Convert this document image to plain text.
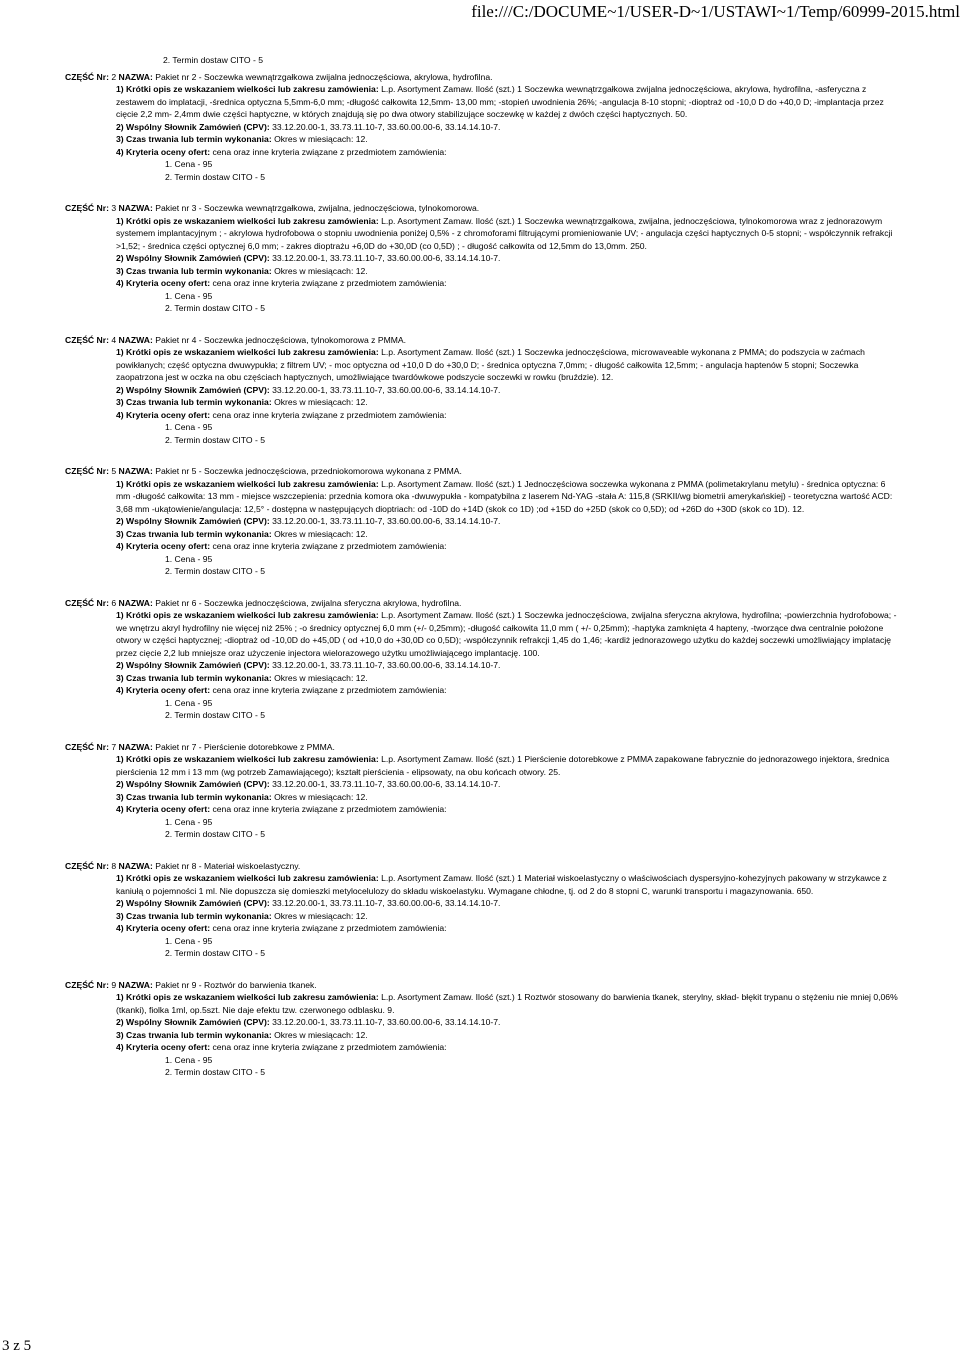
file:///C:/DOCUME~1/USER-D~1/USTAWI~1/Temp/60999-2015.html
2. Termin dostaw CITO - 5
CZĘŚĆ Nr: 2 NAZWA: Pakiet nr 2 - Soczewka wewnątrzgałkowa zwijalna jednoczęściowa, akrylowa, hydrofilna.
1) Krótki opis ze wskazaniem wielkości lub zakresu zamówienia: L.p. Asortyment Zamaw. Ilość (szt.) 1 Soczewka wewnątrzgałkowa zwijalna jednoczęściowa, akrylowa, hydrofilna, -asferyczna z zestawem do implatacji, -średnica optyczna 5,5mm-6,0 mm; -długość całkowita 12,5mm- 13,00 mm; -stopień uwodnienia 26%; -angulacja 8-10 stopni; -dioptraż od -10,0 D do +40,0 D; -implantacja przez cięcie 2,2 mm- 2,4mm dwie części haptyczne, w których znajdują się po dwa otwory stabilizujące soczewkę w każdej z dwóch części haptycznych. 50.
2) Wspólny Słownik Zamówień (CPV): 33.12.20.00-1, 33.73.11.10-7, 33.60.00.00-6, 33.14.14.10-7.
3) Czas trwania lub termin wykonania: Okres w miesiącach: 12.
4) Kryteria oceny ofert: cena oraz inne kryteria związane z przedmiotem zamówienia:
1. Cena - 95
2. Termin dostaw CITO - 5
CZĘŚĆ Nr: 3 NAZWA: Pakiet nr 3 - Soczewka wewnątrzgałkowa, zwijalna, jednoczęściowa, tylnokomorowa.
1) Krótki opis ze wskazaniem wielkości lub zakresu zamówienia: L.p. Asortyment Zamaw. Ilość (szt.) 1 Soczewka wewnątrzgałkowa, zwijalna, jednoczęściowa, tylnokomorowa wraz z jednorazowym systemem implantacyjnym ; - akrylowa hydrofobowa o stopniu uwodnienia poniżej 0,5% - z chromoforami filtrującymi promieniowanie UV; - angulacja części haptycznych 0-5 stopni; - współczynnik refrakcji >1,52; - średnica części optycznej 6,0 mm; - zakres dioptrażu +6,0D do +30,0D (co 0,5D) ; - długość całkowita od 12,5mm do 13,0mm. 250.
2) Wspólny Słownik Zamówień (CPV): 33.12.20.00-1, 33.73.11.10-7, 33.60.00.00-6, 33.14.14.10-7.
3) Czas trwania lub termin wykonania: Okres w miesiącach: 12.
4) Kryteria oceny ofert: cena oraz inne kryteria związane z przedmiotem zamówienia:
1. Cena - 95
2. Termin dostaw CITO - 5
CZĘŚĆ Nr: 4 NAZWA: Pakiet nr 4 - Soczewka jednoczęściowa, tylnokomorowa z PMMA.
1) Krótki opis ze wskazaniem wielkości lub zakresu zamówienia: L.p. Asortyment Zamaw. Ilość (szt.) 1 Soczewka jednoczęściowa, microwaveable wykonana z PMMA; do podszycia w zaćmach powikłanych; część optyczna dwuwypukła; z filtrem UV; - moc optyczna od +10,0 D do +30,0 D; - średnica optyczna 7,0mm; - długość całkowita 12,5mm; - angulacja haptenów 5 stopni; Soczewka zaopatrzona jest w oczka na obu częściach haptycznych, umożliwiające twardówkowe podszycie soczewki w rowku (bruździe). 12.
2) Wspólny Słownik Zamówień (CPV): 33.12.20.00-1, 33.73.11.10-7, 33.60.00.00-6, 33.14.14.10-7.
3) Czas trwania lub termin wykonania: Okres w miesiącach: 12.
4) Kryteria oceny ofert: cena oraz inne kryteria związane z przedmiotem zamówienia:
1. Cena - 95
2. Termin dostaw CITO - 5
CZĘŚĆ Nr: 5 NAZWA: Pakiet nr 5 - Soczewka jednoczęściowa, przedniokomorowa wykonana z PMMA.
1) Krótki opis ze wskazaniem wielkości lub zakresu zamówienia: L.p. Asortyment Zamaw. Ilość (szt.) 1 Jednoczęściowa soczewka wykonana z PMMA (polimetakrylanu metylu) - średnica optyczna: 6 mm -długość całkowita: 13 mm - miejsce wszczepienia: przednia komora oka -dwuwypukła - kompatybilna z laserem Nd-YAG -stała A: 115,8 (SRKII/wg biometrii amerykańskiej) - teoretyczna wartość ACD: 3,68 mm -ukątowienie/angulacja: 12,5° - dostępna w następujących dioptriach: od -10D do +14D (skok co 1D) ;od +15D do +25D (skok co 0,5D); od +26D do +30D (skok co 1D). 12.
2) Wspólny Słownik Zamówień (CPV): 33.12.20.00-1, 33.73.11.10-7, 33.60.00.00-6, 33.14.14.10-7.
3) Czas trwania lub termin wykonania: Okres w miesiącach: 12.
4) Kryteria oceny ofert: cena oraz inne kryteria związane z przedmiotem zamówienia:
1. Cena - 95
2. Termin dostaw CITO - 5
CZĘŚĆ Nr: 6 NAZWA: Pakiet nr 6 - Soczewka jednoczęściowa, zwijalna sferyczna akrylowa, hydrofilna.
1) Krótki opis ze wskazaniem wielkości lub zakresu zamówienia: L.p. Asortyment Zamaw. Ilość (szt.) 1 Soczewka jednoczęściowa, zwijalna sferyczna akrylowa, hydrofilna; -powierzchnia hydrofobowa; -we wnętrzu akryl hydrofilny nie więcej niż 25% ; -o średnicy optycznej 6,0 mm (+/- 0,25mm); -długość całkowita 11,0 mm ( +/- 0,25mm); -haptyka zamknięta 4 hapteny, -tworzące dwa centralnie położone otwory w części haptycznej; -dioptraż od -10,0D do +45,0D ( od +10,0 do +30,0D co 0,5D); -współczynnik refrakcji 1,45 do 1,46; -kardiż jednorazowego użytku do każdej soczewki umożliwiający implatację przez cięcie 2,2 lub mniejsze oraz użyczenie injectora wielorazowego użytku umożliwiającego implantację. 100.
2) Wspólny Słownik Zamówień (CPV): 33.12.20.00-1, 33.73.11.10-7, 33.60.00.00-6, 33.14.14.10-7.
3) Czas trwania lub termin wykonania: Okres w miesiącach: 12.
4) Kryteria oceny ofert: cena oraz inne kryteria związane z przedmiotem zamówienia:
1. Cena - 95
2. Termin dostaw CITO - 5
CZĘŚĆ Nr: 7 NAZWA: Pakiet nr 7 - Pierścienie dotorebkowe z PMMA.
1) Krótki opis ze wskazaniem wielkości lub zakresu zamówienia: L.p. Asortyment Zamaw. Ilość (szt.) 1 Pierścienie dotorebkowe z PMMA zapakowane fabrycznie do jednorazowego injektora, średnica pierścienia 12 mm i 13 mm (wg potrzeb Zamawiającego); kształt pierścienia - elipsowaty, na obu końcach otwory. 25.
2) Wspólny Słownik Zamówień (CPV): 33.12.20.00-1, 33.73.11.10-7, 33.60.00.00-6, 33.14.14.10-7.
3) Czas trwania lub termin wykonania: Okres w miesiącach: 12.
4) Kryteria oceny ofert: cena oraz inne kryteria związane z przedmiotem zamówienia:
1. Cena - 95
2. Termin dostaw CITO - 5
CZĘŚĆ Nr: 8 NAZWA: Pakiet nr 8 - Materiał wiskoelastyczny.
1) Krótki opis ze wskazaniem wielkości lub zakresu zamówienia: L.p. Asortyment Zamaw. Ilość (szt.) 1 Materiał wiskoelastyczny o właściwościach dyspersyjno-kohezyjnych pakowany w strzykawce z kaniułą o pojemności 1 ml. Nie dopuszcza się domieszki metylocelulozy do składu wiskoelastyku. Wymagane chłodne, tj. od 2 do 8 stopni C, warunki transportu i magazynowania. 650.
2) Wspólny Słownik Zamówień (CPV): 33.12.20.00-1, 33.73.11.10-7, 33.60.00.00-6, 33.14.14.10-7.
3) Czas trwania lub termin wykonania: Okres w miesiącach: 12.
4) Kryteria oceny ofert: cena oraz inne kryteria związane z przedmiotem zamówienia:
1. Cena - 95
2. Termin dostaw CITO - 5
CZĘŚĆ Nr: 9 NAZWA: Pakiet nr 9 - Roztwór do barwienia tkanek.
1) Krótki opis ze wskazaniem wielkości lub zakresu zamówienia: L.p. Asortyment Zamaw. Ilość (szt.) 1 Roztwór stosowany do barwienia tkanek, sterylny, skład- błękit trypanu o stężeniu nie mniej 0,06% (tkanki), fiolka 1ml, op.5szt. Nie daje efektu tzw. czerwonego odblasku. 9.
2) Wspólny Słownik Zamówień (CPV): 33.12.20.00-1, 33.73.11.10-7, 33.60.00.00-6, 33.14.14.10-7.
3) Czas trwania lub termin wykonania: Okres w miesiącach: 12.
4) Kryteria oceny ofert: cena oraz inne kryteria związane z przedmiotem zamówienia:
1. Cena - 95
2. Termin dostaw CITO - 5
3 z 5
